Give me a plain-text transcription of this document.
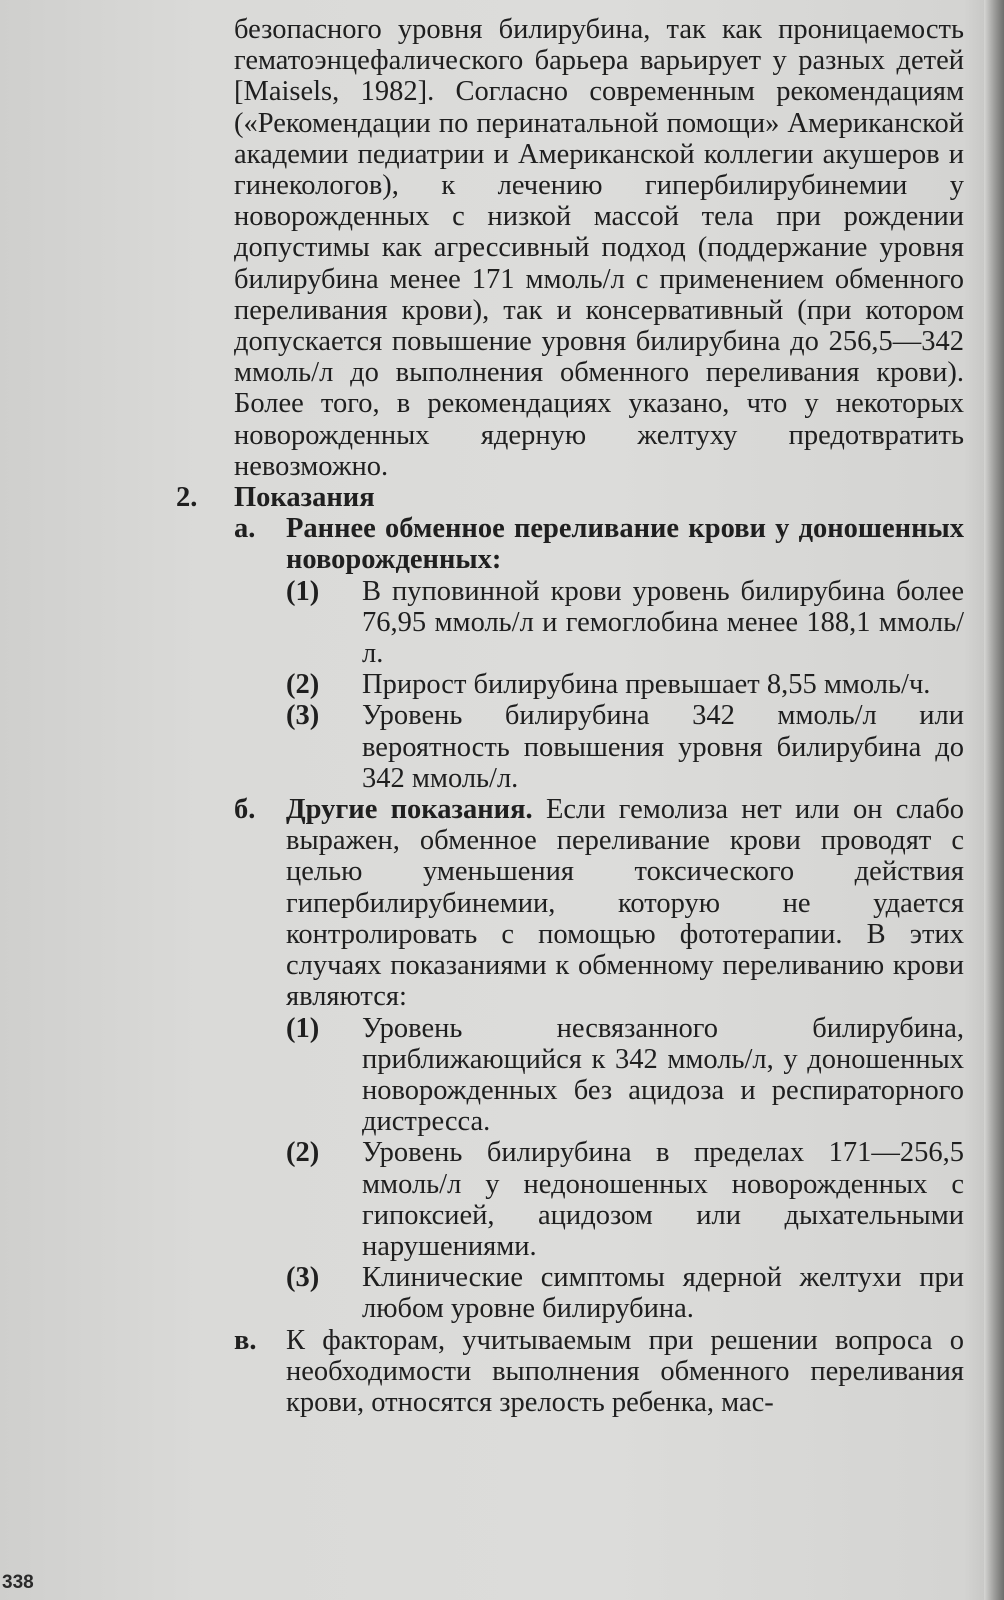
безопасного уровня билирубина, так как проницаемость гематоэнцефалического барьера варьирует у разных детей [Maisels, 1982]. Согласно современным рекомендациям («Рекомендации по перинатальной помощи» Американской академии педиатрии и Американской коллегии акушеров и гинекологов), к лечению гипербилирубинемии у новорожденных с низкой массой тела при рождении допустимы как агрессивный подход (поддержание уровня билирубина менее 171 ммоль/л с применением обменного переливания крови), так и консервативный (при котором допускается повышение уровня билирубина до 256,5—342 ммоль/л до выполнения обменного переливания крови). Более того, в рекомендациях указано, что у некоторых новорожденных ядерную желтуху предотвратить невозможно.

2. Показания
а. Раннее обменное переливание крови у доношенных новорожденных:
(1) В пуповинной крови уровень билирубина более 76,95 ммоль/л и гемоглобина менее 188,1 ммоль/л.
(2) Прирост билирубина превышает 8,55 ммоль/ч.
(3) Уровень билирубина 342 ммоль/л или вероятность повышения уровня билирубина до 342 ммоль/л.
б. Другие показания. Если гемолиза нет или он слабо выражен, обменное переливание крови проводят с целью уменьшения токсического действия гипербилирубинемии, которую не удается контролировать с помощью фототерапии. В этих случаях показаниями к обменному переливанию крови являются:
(1) Уровень несвязанного билирубина, приближающийся к 342 ммоль/л, у доношенных новорожденных без ацидоза и респираторного дистресса.
(2) Уровень билирубина в пределах 171—256,5 ммоль/л у недоношенных новорожденных с гипоксией, ацидозом или дыхательными нарушениями.
(3) Клинические симптомы ядерной желтухи при любом уровне билирубина.
в. К факторам, учитываемым при решении вопроса о необходимости выполнения обменного переливания крови, относятся зрелость ребенка, мас-
338
